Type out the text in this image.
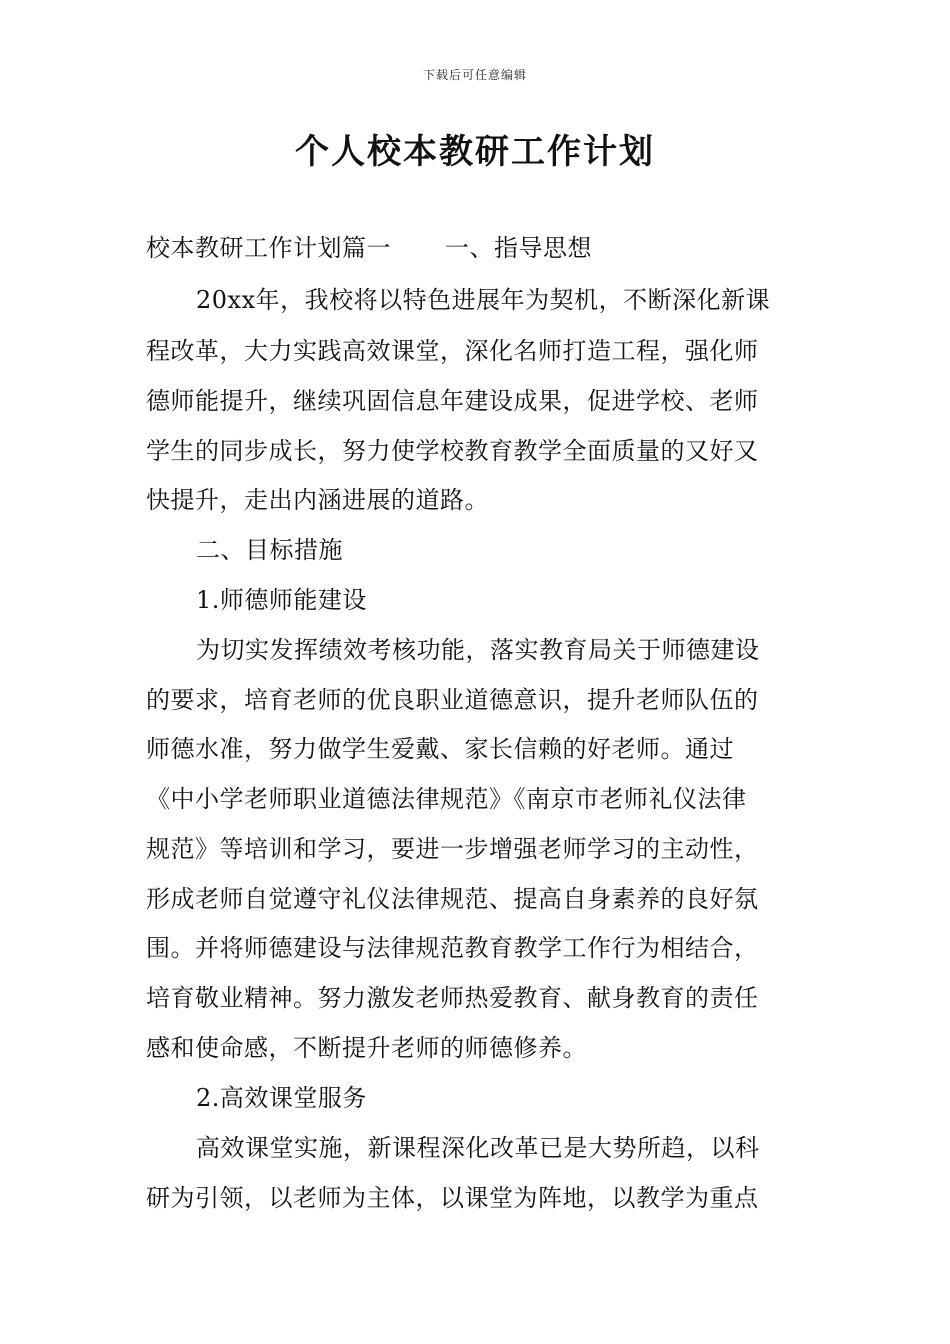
下载后可任意编辑
个人校本教研工作计划
校本教研工作计划篇一 一、指导思想
20xx年，我校将以特色进展年为契机，不断深化新课
程改革，大力实践高效课堂，深化名师打造工程，强化师
德师能提升，继续巩固信息年建设成果，促进学校、老师
学生的同步成长，努力使学校教育教学全面质量的又好又
快提升，走出内涵进展的道路。
二、目标措施
1.师德师能建设
为切实发挥绩效考核功能，落实教育局关于师德建设
的要求，培育老师的优良职业道德意识，提升老师队伍的
师德水准，努力做学生爱戴、家长信赖的好老师。通过
《中小学老师职业道德法律规范》《南京市老师礼仪法律
规范》等培训和学习，要进一步增强老师学习的主动性，
形成老师自觉遵守礼仪法律规范、提高自身素养的良好氛
围。并将师德建设与法律规范教育教学工作行为相结合，
培育敬业精神。努力激发老师热爱教育、献身教育的责任
感和使命感，不断提升老师的师德修养。
2.高效课堂服务
高效课堂实施，新课程深化改革已是大势所趋，以科
研为引领，以老师为主体，以课堂为阵地，以教学为重点
